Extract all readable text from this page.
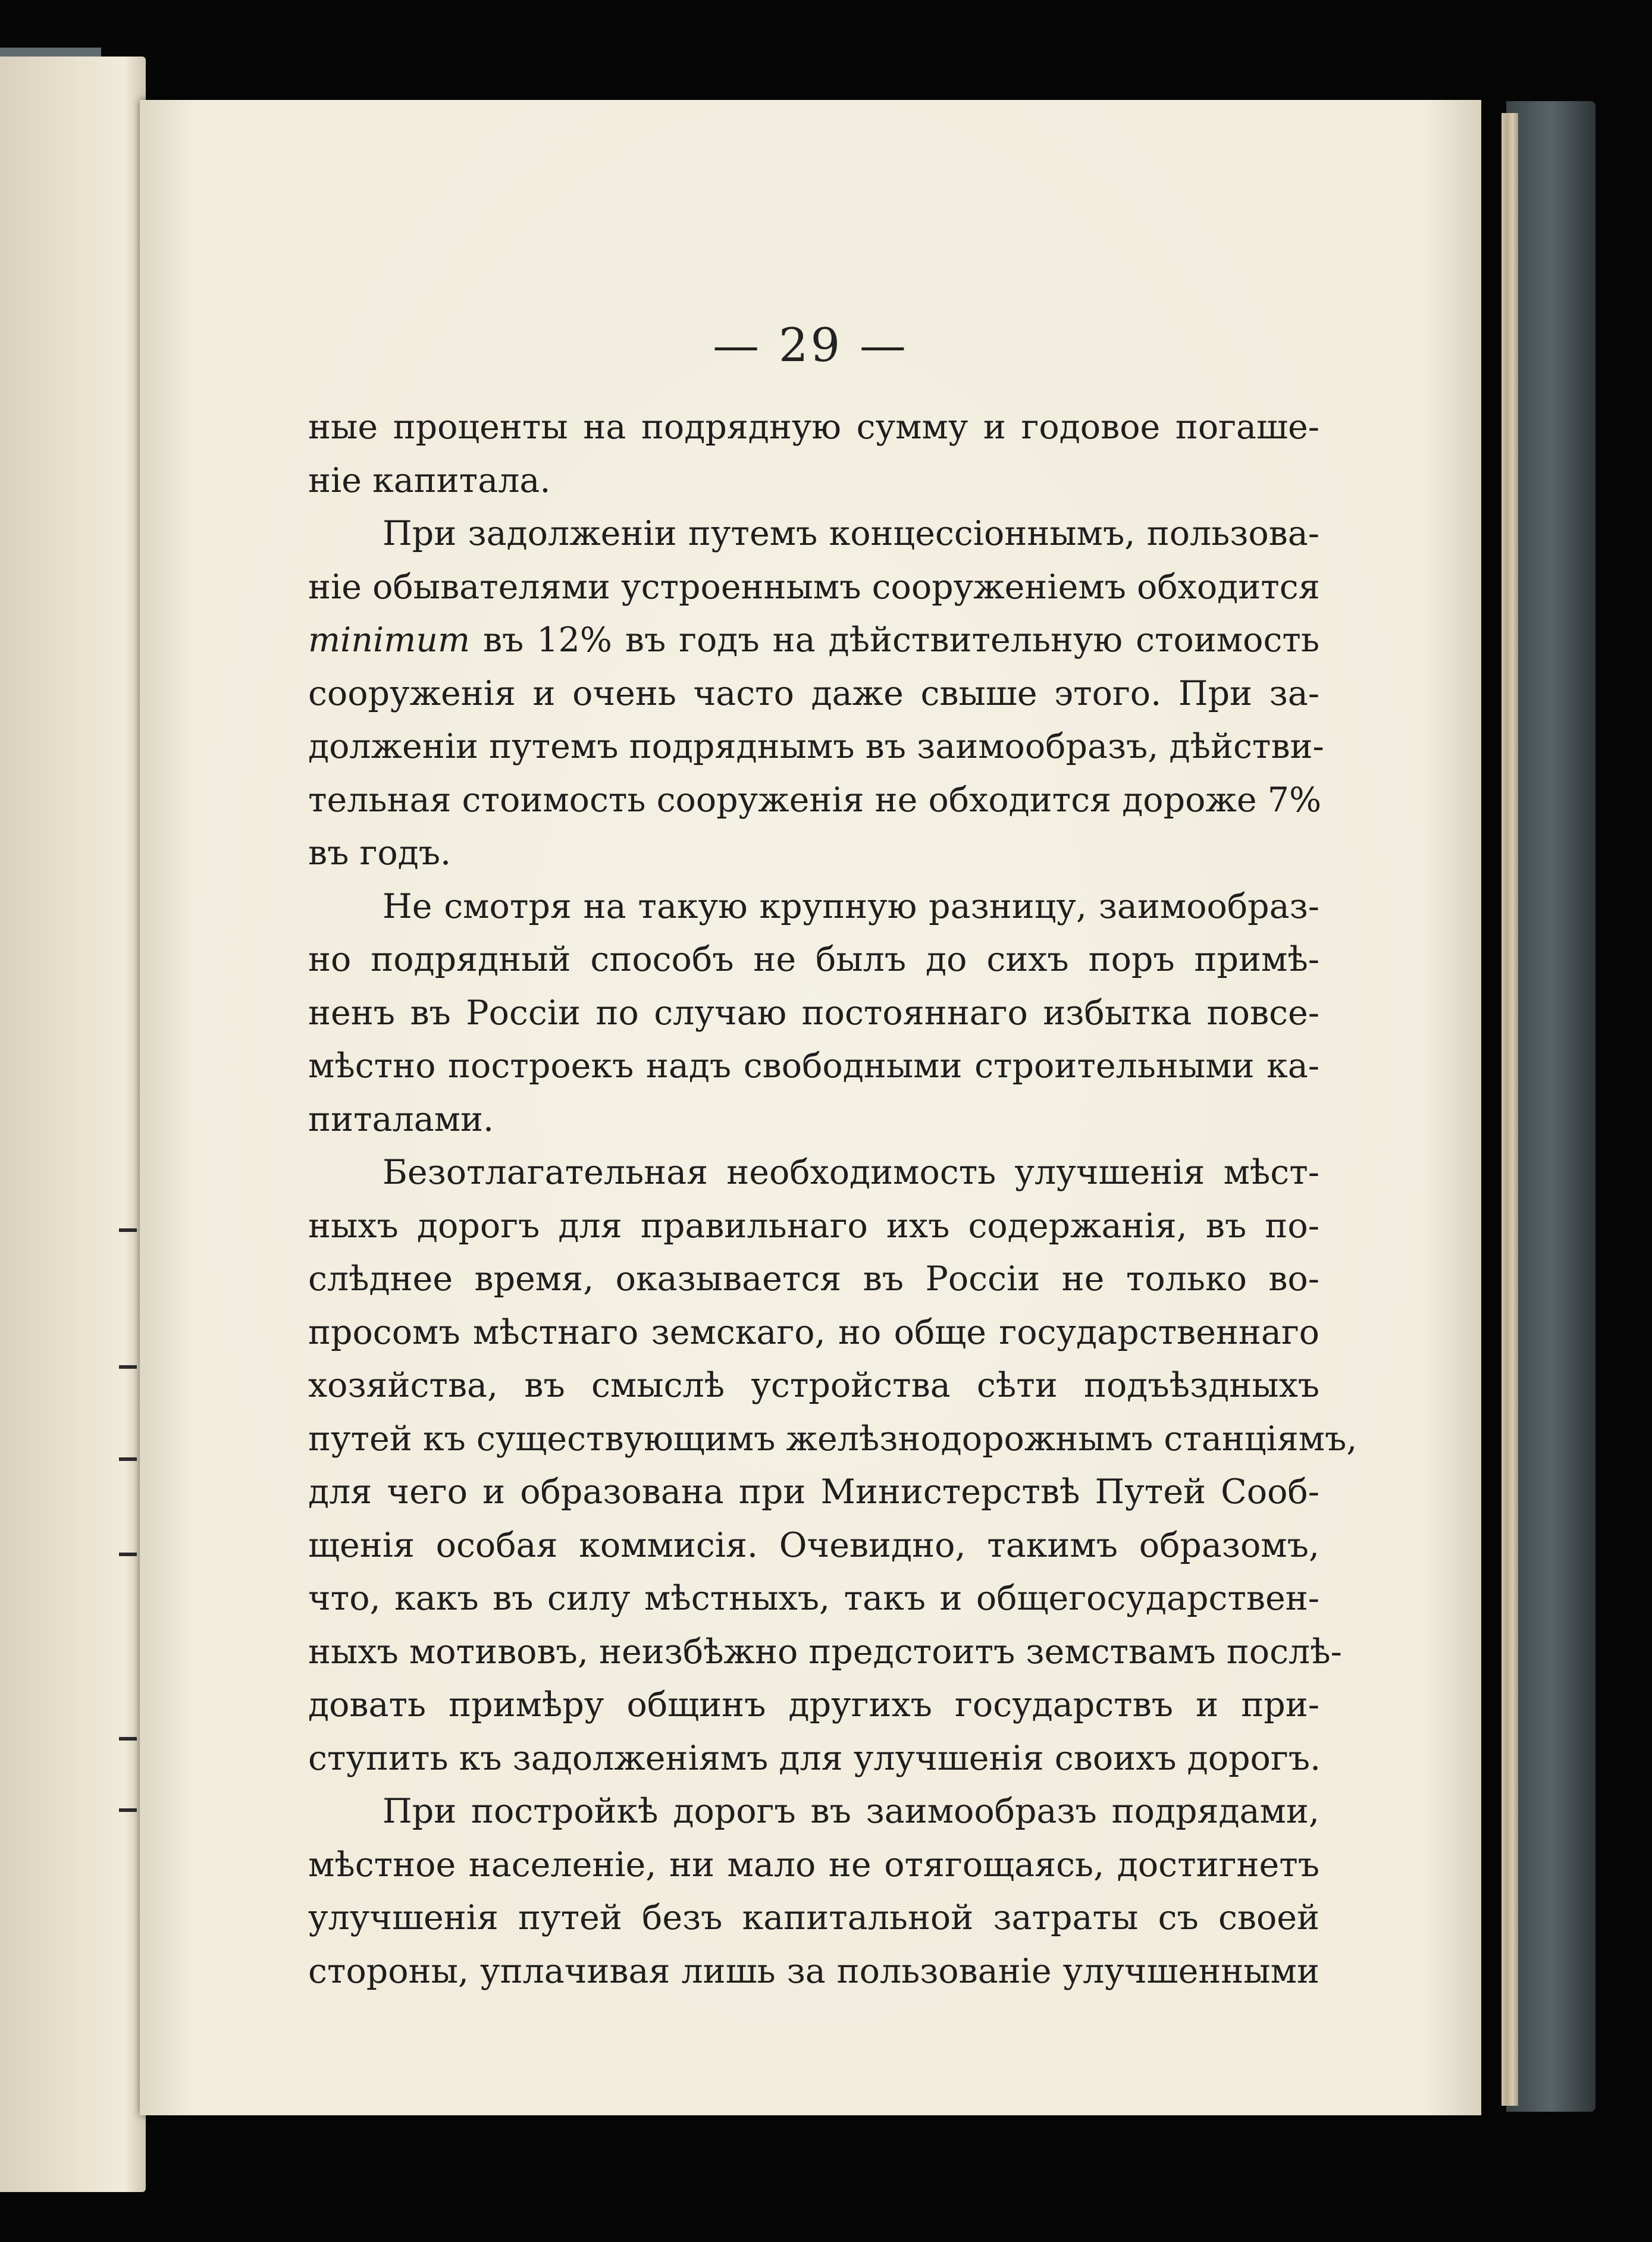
— 29 —
ные проценты на подрядную сумму и годовое погаше-
ніе капитала.
При задолженіи путемъ концессіоннымъ, пользова-
ніе обывателями устроеннымъ сооруженіемъ обходится
minimum въ 12% въ годъ на дѣйствительную стоимость
сооруженія и очень часто даже свыше этого. При за-
долженіи путемъ подряднымъ въ заимообразъ, дѣйстви-
тельная стоимость сооруженія не обходится дороже 7%
въ годъ.
Не смотря на такую крупную разницу, заимообраз-
но подрядный способъ не былъ до сихъ поръ примѣ-
ненъ въ Россіи по случаю постояннаго избытка повсе-
мѣстно построекъ надъ свободными строительными ка-
питалами.
Безотлагательная необходимость улучшенія мѣст-
ныхъ дорогъ для правильнаго ихъ содержанія, въ по-
слѣднее время, оказывается въ Россіи не только во-
просомъ мѣстнаго земскаго, но обще государственнаго
хозяйства, въ смыслѣ устройства сѣти подъѣздныхъ
путей къ существующимъ желѣзнодорожнымъ станціямъ,
для чего и образована при Министерствѣ Путей Сооб-
щенія особая коммисія. Очевидно, такимъ образомъ,
что, какъ въ силу мѣстныхъ, такъ и общегосударствен-
ныхъ мотивовъ, неизбѣжно предстоитъ земствамъ послѣ-
довать примѣру общинъ другихъ государствъ и при-
ступить къ задолженіямъ для улучшенія своихъ дорогъ.
При постройкѣ дорогъ въ заимообразъ подрядами,
мѣстное населеніе, ни мало не отягощаясь, достигнетъ
улучшенія путей безъ капитальной затраты съ своей
стороны, уплачивая лишь за пользованіе улучшенными
